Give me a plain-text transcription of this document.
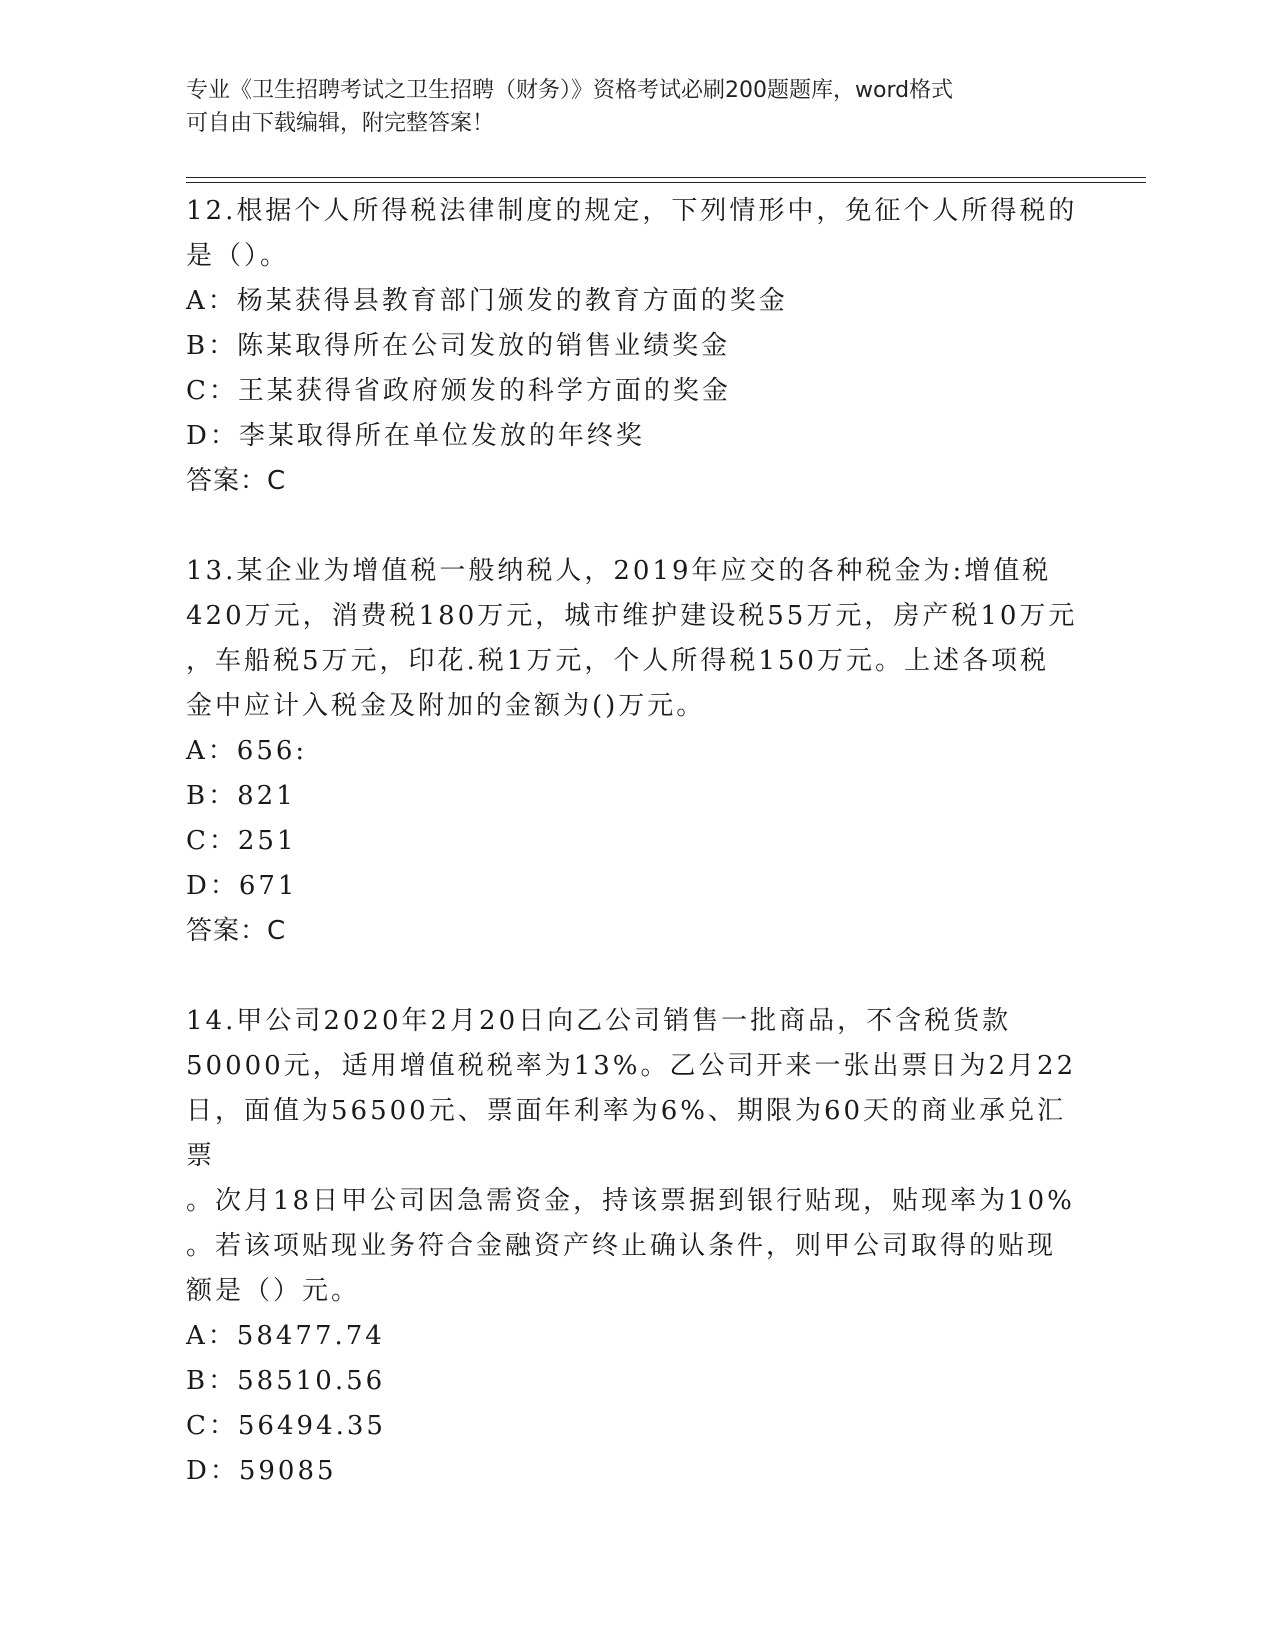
专业《卫生招聘考试之卫生招聘（财务）》资格考试必刷200题题库，word格式
可自由下载编辑，附完整答案！
12.根据个人所得税法律制度的规定，下列情形中，免征个人所得税的
是（）。
A：杨某获得县教育部门颁发的教育方面的奖金
B：陈某取得所在公司发放的销售业绩奖金
C：王某获得省政府颁发的科学方面的奖金
D：李某取得所在单位发放的年终奖
答案：C
13.某企业为增值税一般纳税人，2019年应交的各种税金为:增值税
420万元，消费税180万元，城市维护建设税55万元，房产税10万元
，车船税5万元，印花.税1万元，个人所得税150万元。上述各项税
金中应计入税金及附加的金额为()万元。
A：656:
B：821
C：251
D：671
答案：C
14.甲公司2020年2月20日向乙公司销售一批商品，不含税货款
50000元，适用增值税税率为13%。乙公司开来一张出票日为2月22
日，面值为56500元、票面年利率为6%、期限为60天的商业承兑汇票
。次月18日甲公司因急需资金，持该票据到银行贴现，贴现率为10%
。若该项贴现业务符合金融资产终止确认条件，则甲公司取得的贴现
额是（）元。
A：58477.74
B：58510.56
C：56494.35
D：59085
